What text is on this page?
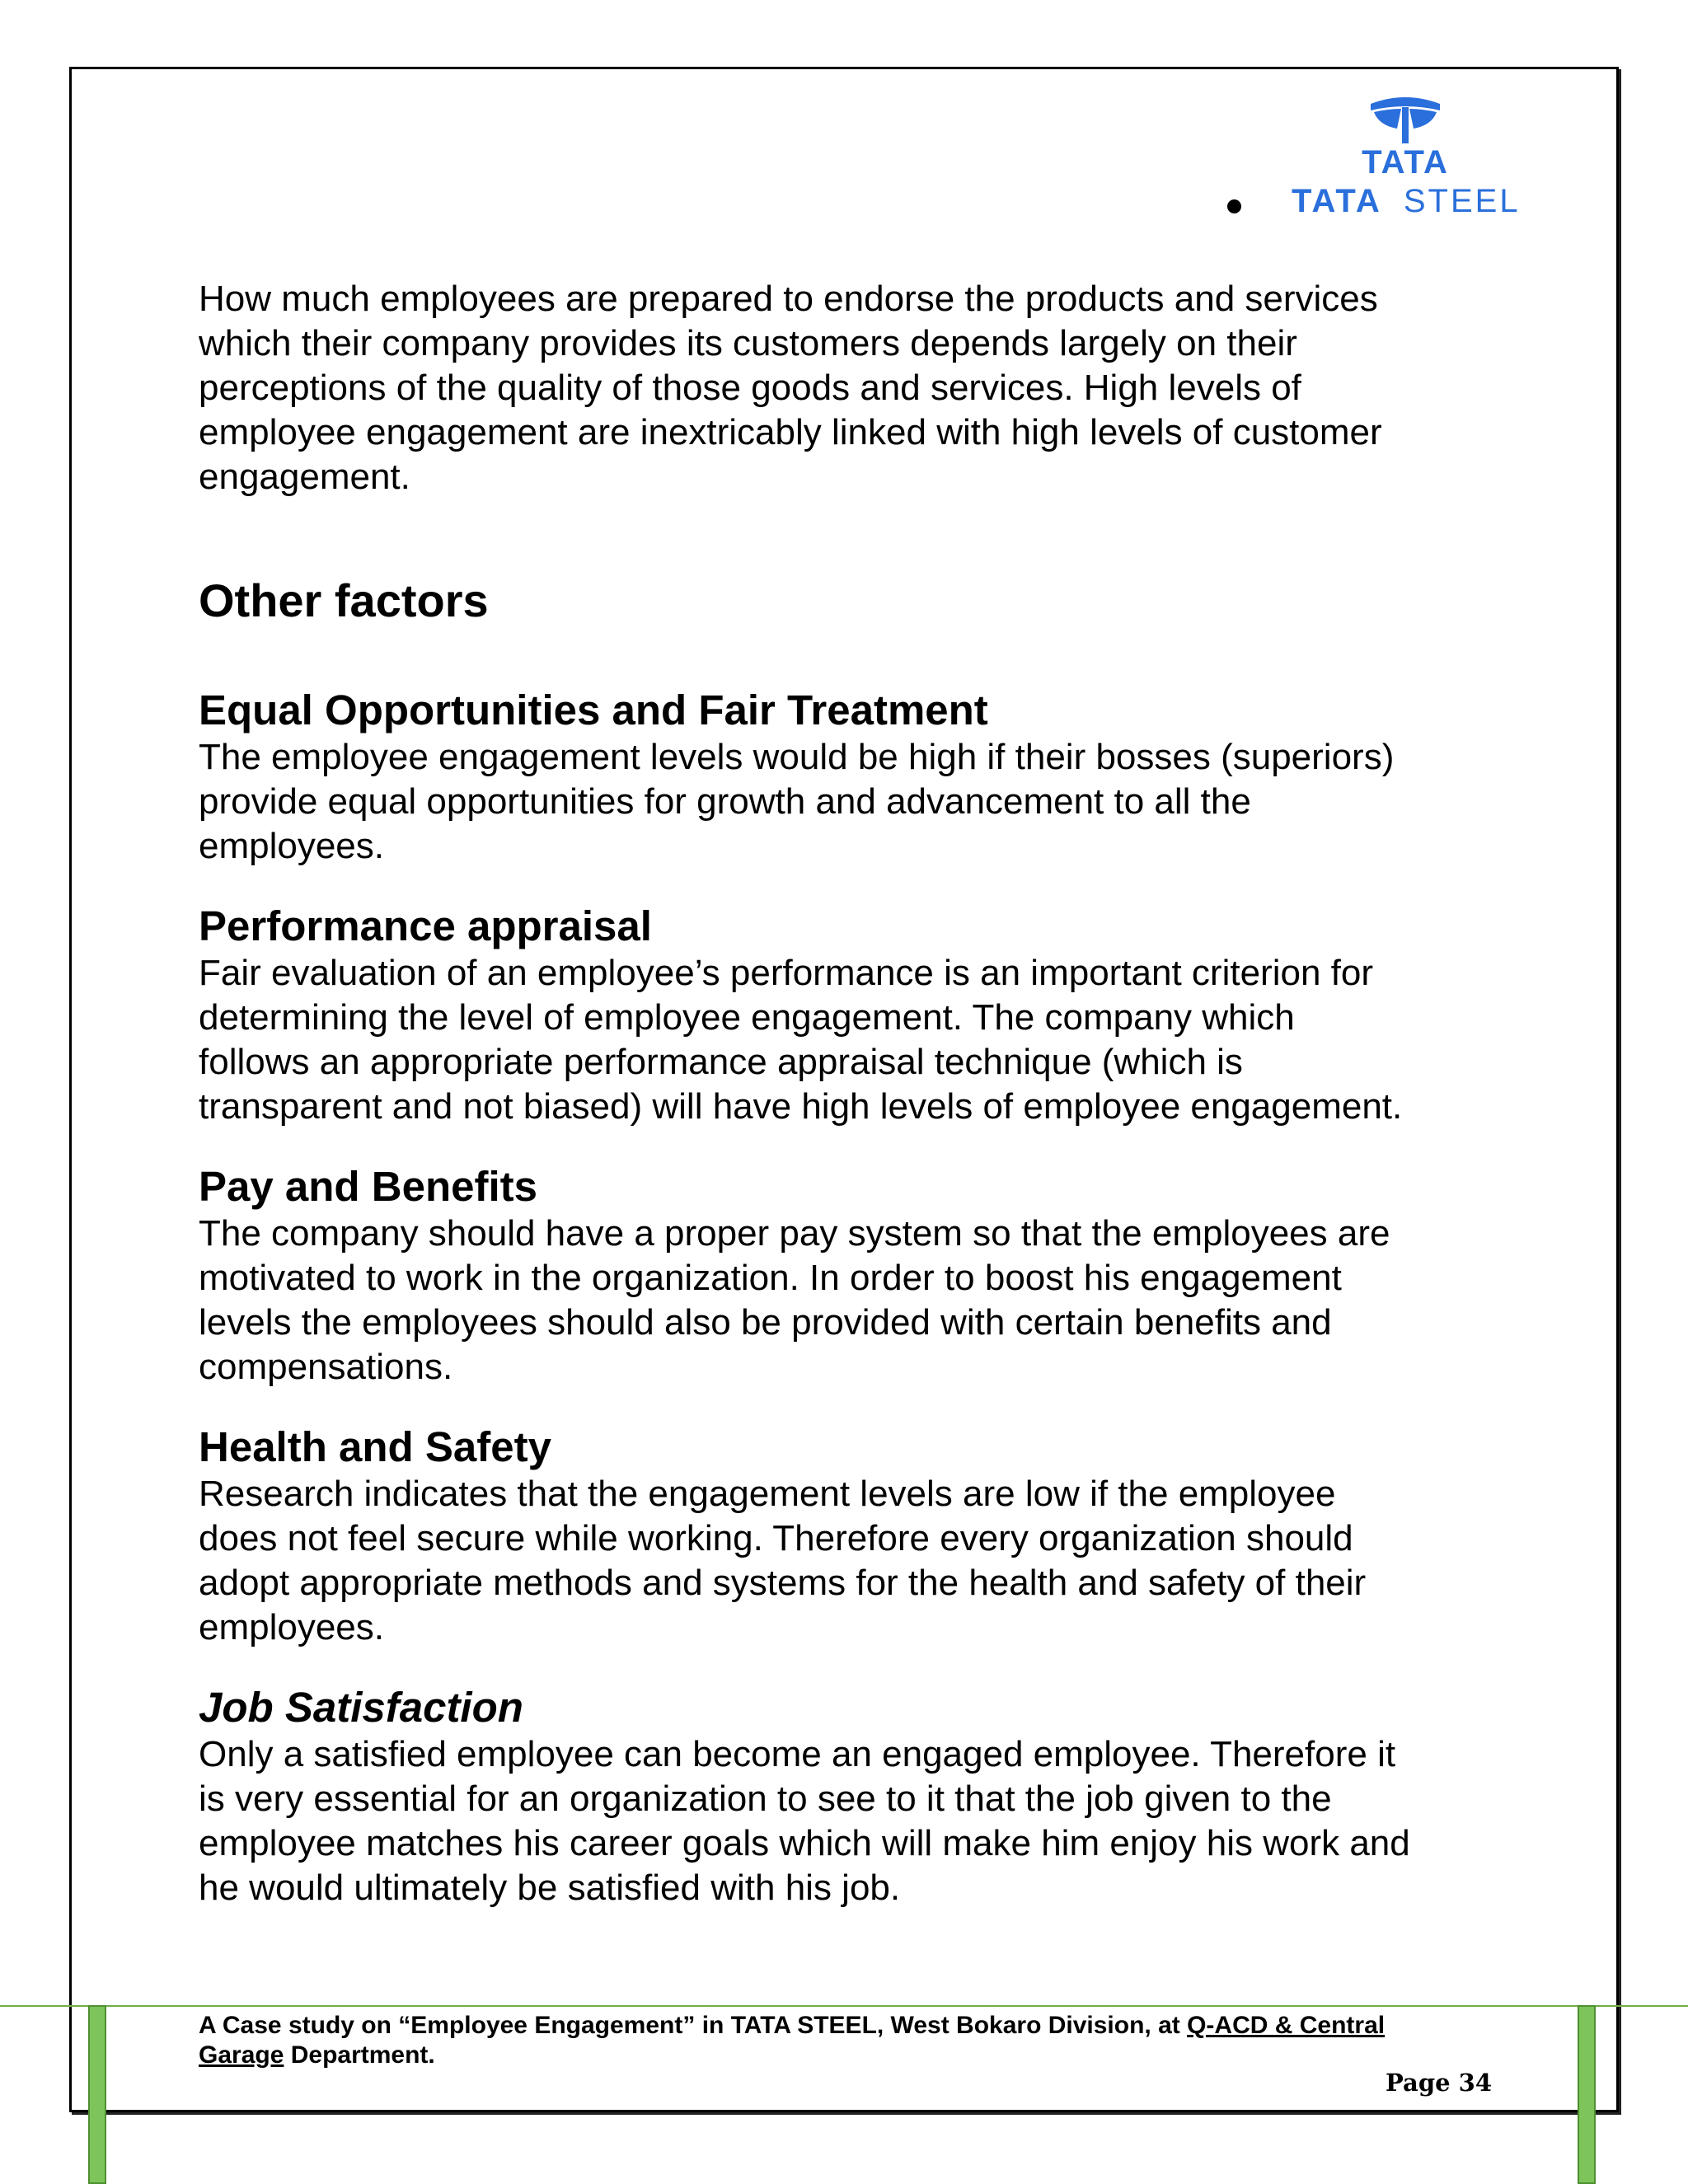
TATA
TATA STEEL

How much employees are prepared to endorse the products and services

which their company provides its customers depends largely on their

perceptions of the quality of those goods and services. High levels of

employee engagement are inextricably linked with high levels of customer

engagement.

Other factors

Equal Opportunities and Fair Treatment

The employee engagement levels would be high if their bosses (superiors)

provide equal opportunities for growth and advancement to all the

employees.

Performance appraisal

Fair evaluation of an employee’s performance is an important criterion for

determining the level of employee engagement. The company which

follows an appropriate performance appraisal technique (which is

transparent and not biased) will have high levels of employee engagement.

Pay and Benefits

The company should have a proper pay system so that the employees are

motivated to work in the organization. In order to boost his engagement

levels the employees should also be provided with certain benefits and

compensations.

Health and Safety

Research indicates that the engagement levels are low if the employee

does not feel secure while working. Therefore every organization should

adopt appropriate methods and systems for the health and safety of their

employees.

Job Satisfaction

Only a satisfied employee can become an engaged employee. Therefore it

is very essential for an organization to see to it that the job given to the

employee matches his career goals which will make him enjoy his work and

he would ultimately be satisfied with his job.

A Case study on “Employee Engagement” in TATA STEEL, West Bokaro Division, at Q-ACD & Central
Garage Department.
Page 34
